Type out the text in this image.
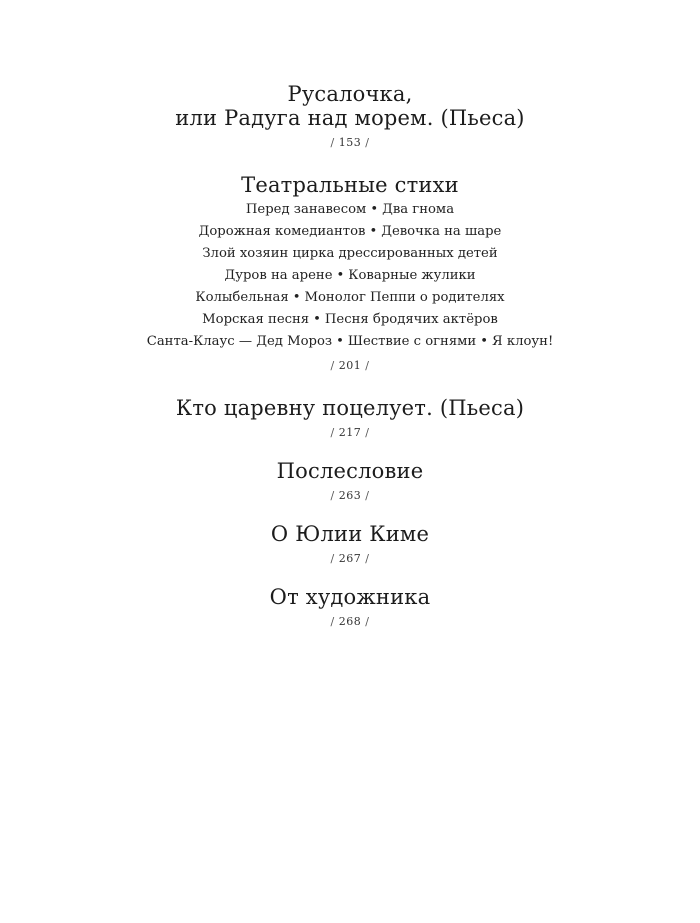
Русалочка,
или Радуга над морем. (Пьеса)
/ 153 /
Театральные стихи
Перед занавесом • Два гнома
Дорожная комедиантов • Девочка на шаре
Злой хозяин цирка дрессированных детей
Дуров на арене • Коварные жулики
Колыбельная • Монолог Пеппи о родителях
Морская песня • Песня бродячих актёров
Санта-Клаус — Дед Мороз • Шествие с огнями • Я клоун!
/ 201 /
Кто царевну поцелует. (Пьеса)
/ 217 /
Послесловие
/ 263 /
О Юлии Киме
/ 267 /
От художника
/ 268 /
